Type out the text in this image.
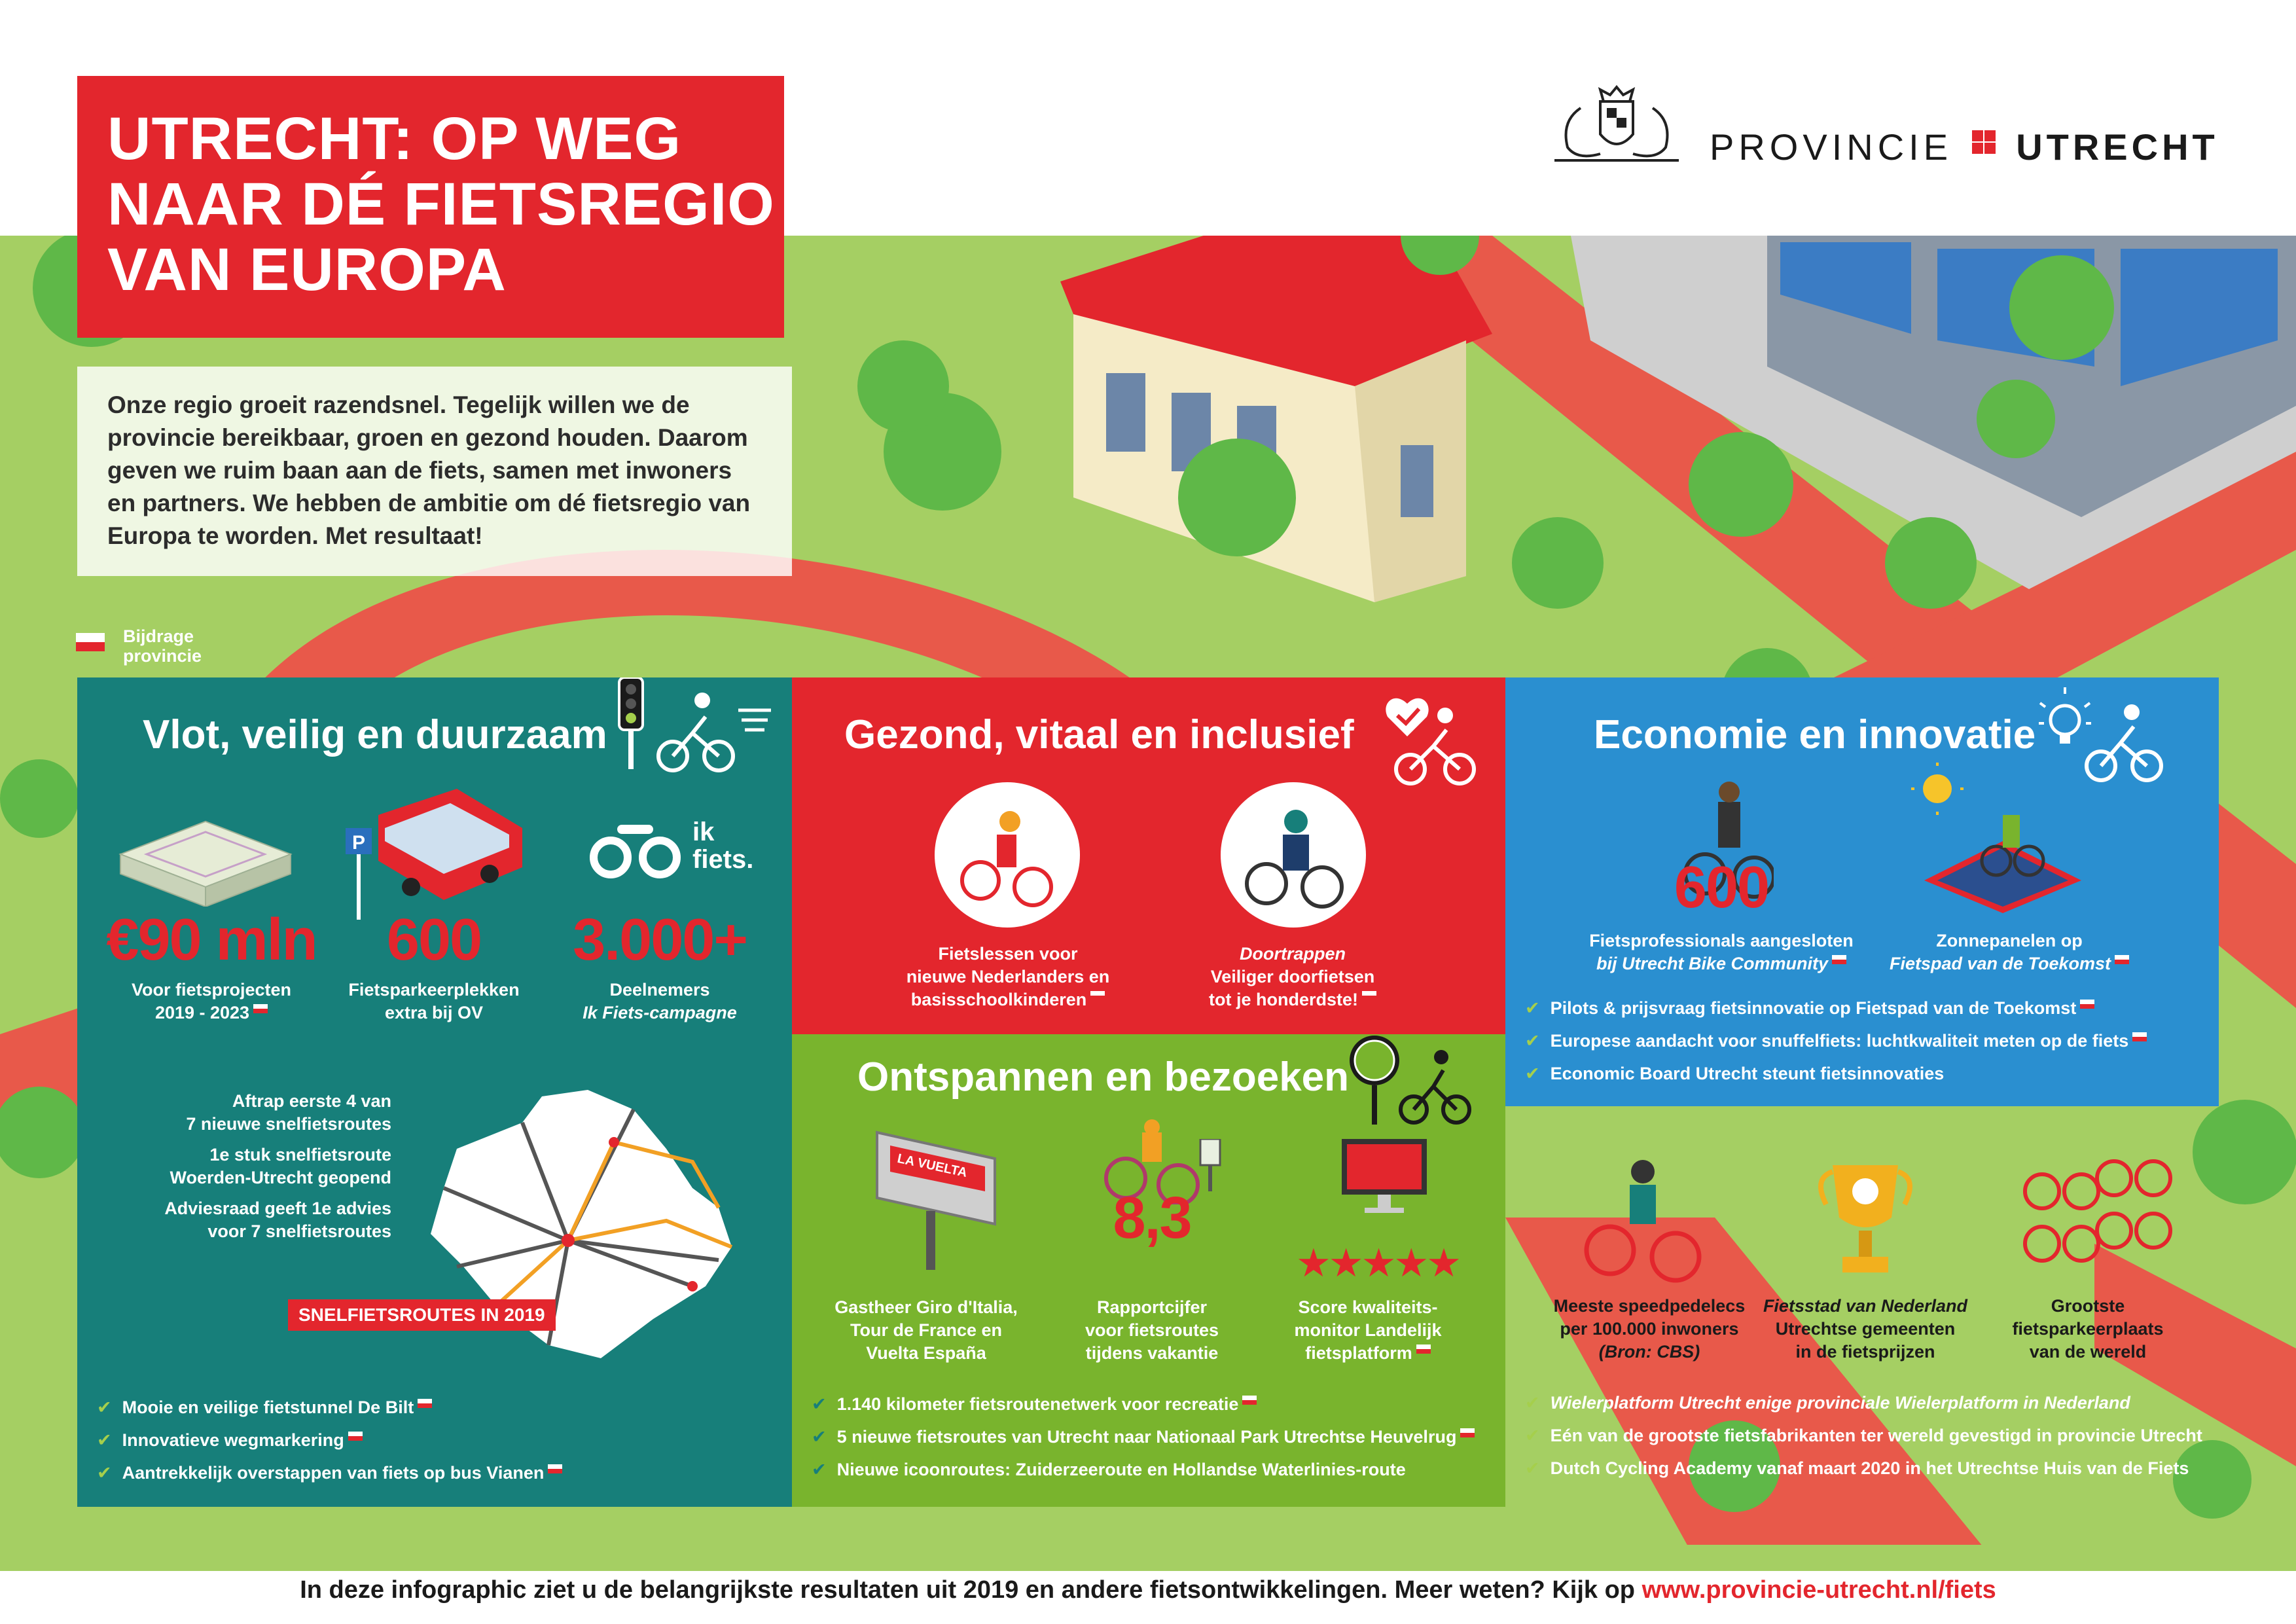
UTRECHT: OP WEG
NAAR DÉ FIETSREGIO
VAN EUROPA

Onze regio groeit razendsnel. Tegelijk willen we de provincie bereikbaar, groen en gezond houden. Daarom geven we ruim baan aan de fiets, samen met inwoners en partners. We hebben de ambitie om dé fietsregio van Europa te worden. Met resultaat!

PROVINCIE UTRECHT
Bijdrage
provincie
Vlot, veilig en duurzaam
P	ik
fiets.
€90 mln
Voor fietsprojecten
2019 - 2023
600
Fietsparkeerplekken
extra bij OV
3.000+
Deelnemers
Ik Fiets-campagne
Aftrap eerste 4 van
7 nieuwe snelfietsroutes
1e stuk snelfietsroute
Woerden-Utrecht geopend
Adviesraad geeft 1e advies
voor 7 snelfietsroutes
SNELFIETSROUTES IN 2019
✔ Mooie en veilige fietstunnel De Bilt
✔ Innovatieve wegmarkering
✔ Aantrekkelijk overstappen van fiets op bus Vianen
Gezond, vitaal en inclusief
Fietslessen voor
nieuwe Nederlanders en
basisschoolkinderen
Doortrappen
Veiliger doorfietsen
tot je honderdste!
Ontspannen en bezoeken
LA VUELTA
8,3
★★★★★
Gastheer Giro d'Italia,
Tour de France en
Vuelta España
Rapportcijfer
voor fietsroutes
tijdens vakantie
Score kwaliteits-
monitor Landelijk
fietsplatform
✔ 1.140 kilometer fietsroutenetwerk voor recreatie
✔ 5 nieuwe fietsroutes van Utrecht naar Nationaal Park Utrechtse Heuvelrug
✔ Nieuwe icoonroutes: Zuiderzeeroute en Hollandse Waterlinies-route
Economie en innovatie
600
Fietsprofessionals aangesloten
bij Utrecht Bike Community
Zonnepanelen op
Fietspad van de Toekomst
✔ Pilots & prijsvraag fietsinnovatie op Fietspad van de Toekomst
✔ Europese aandacht voor snuffelfiets: luchtkwaliteit meten op de fiets
✔ Economic Board Utrecht steunt fietsinnovaties
Meeste speedpedelecs
per 100.000 inwoners
(Bron: CBS)
Fietsstad van Nederland
Utrechtse gemeenten
in de fietsprijzen
Grootste
fietsparkeerplaats
van de wereld
✔ Wielerplatform Utrecht enige provinciale Wielerplatform in Nederland
✔ Eén van de grootste fietsfabrikanten ter wereld gevestigd in provincie Utrecht
✔ Dutch Cycling Academy vanaf maart 2020 in het Utrechtse Huis van de Fiets
In deze infographic ziet u de belangrijkste resultaten uit 2019 en andere fietsontwikkelingen. Meer weten? Kijk op www.provincie-utrecht.nl/fiets
